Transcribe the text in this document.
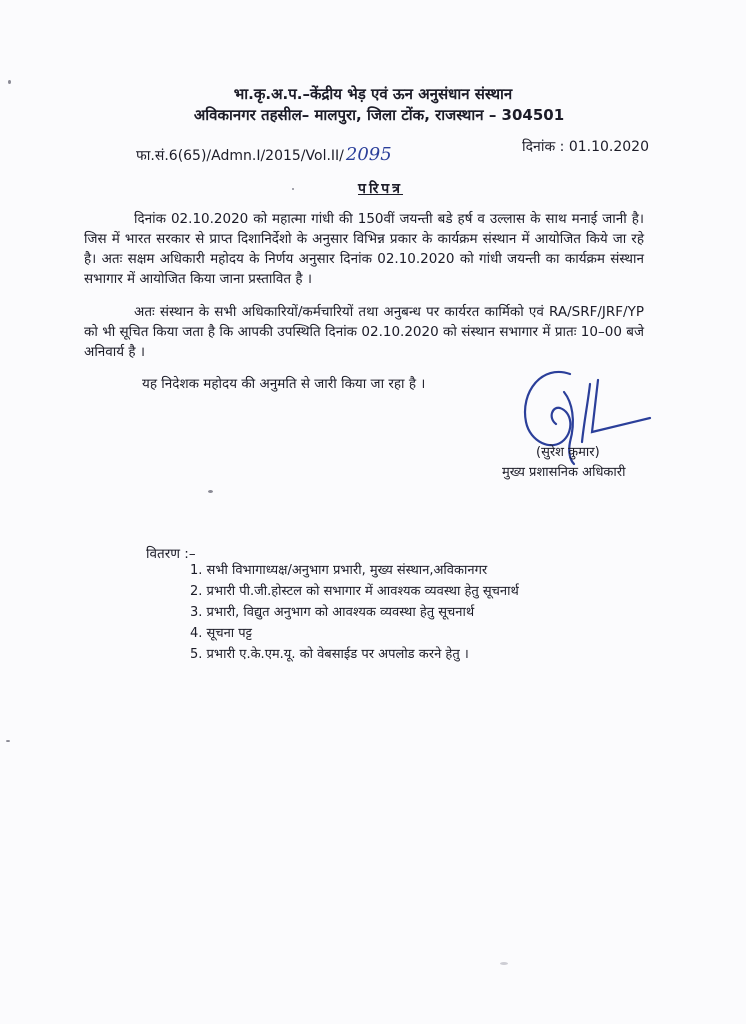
भा.कृ.अ.प.–केंद्रीय भेड़ एवं ऊन अनुसंधान संस्थान
अविकानगर तहसील– मालपुरा, जिला टोंक, राजस्थान – 304501
फा.सं.6(65)/Admn.I/2015/Vol.II/ 2095	दिनांक : 01.10.2020
परिपत्र
दिनांक 02.10.2020 को महात्मा गांधी की 150वीं जयन्ती बडे हर्ष व उल्लास के साथ मनाई जानी है। जिस में भारत सरकार से प्राप्त दिशानिर्देशो के अनुसार विभिन्न प्रकार के कार्यक्रम संस्थान में आयोजित किये जा रहे है। अतः सक्षम अधिकारी महोदय के निर्णय अनुसार दिनांक 02.10.2020 को गांधी जयन्ती का कार्यक्रम संस्थान सभागार में आयोजित किया जाना प्रस्तावित है ।
अतः संस्थान के सभी अधिकारियों/कर्मचारियों तथा अनुबन्ध पर कार्यरत कार्मिको एवं RA/SRF/JRF/YP को भी सूचित किया जता है कि आपकी उपस्थिति दिनांक 02.10.2020 को संस्थान सभागार में प्रातः 10–00 बजे अनिवार्य है ।
यह निदेशक महोदय की अनुमति से जारी किया जा रहा है ।
(सुरेश कुमार)
मुख्य प्रशासनिक अधिकारी
वितरण :–
1. सभी विभागाध्यक्ष/अनुभाग प्रभारी, मुख्य संस्थान,अविकानगर
2. प्रभारी पी.जी.होस्टल को सभागार में आवश्यक व्यवस्था हेतु सूचनार्थ
3. प्रभारी, विद्युत अनुभाग को आवश्यक व्यवस्था हेतु सूचनार्थ
4. सूचना पट्ट
5. प्रभारी ए.के.एम.यू. को वेबसाईड पर अपलोड करने हेतु ।
